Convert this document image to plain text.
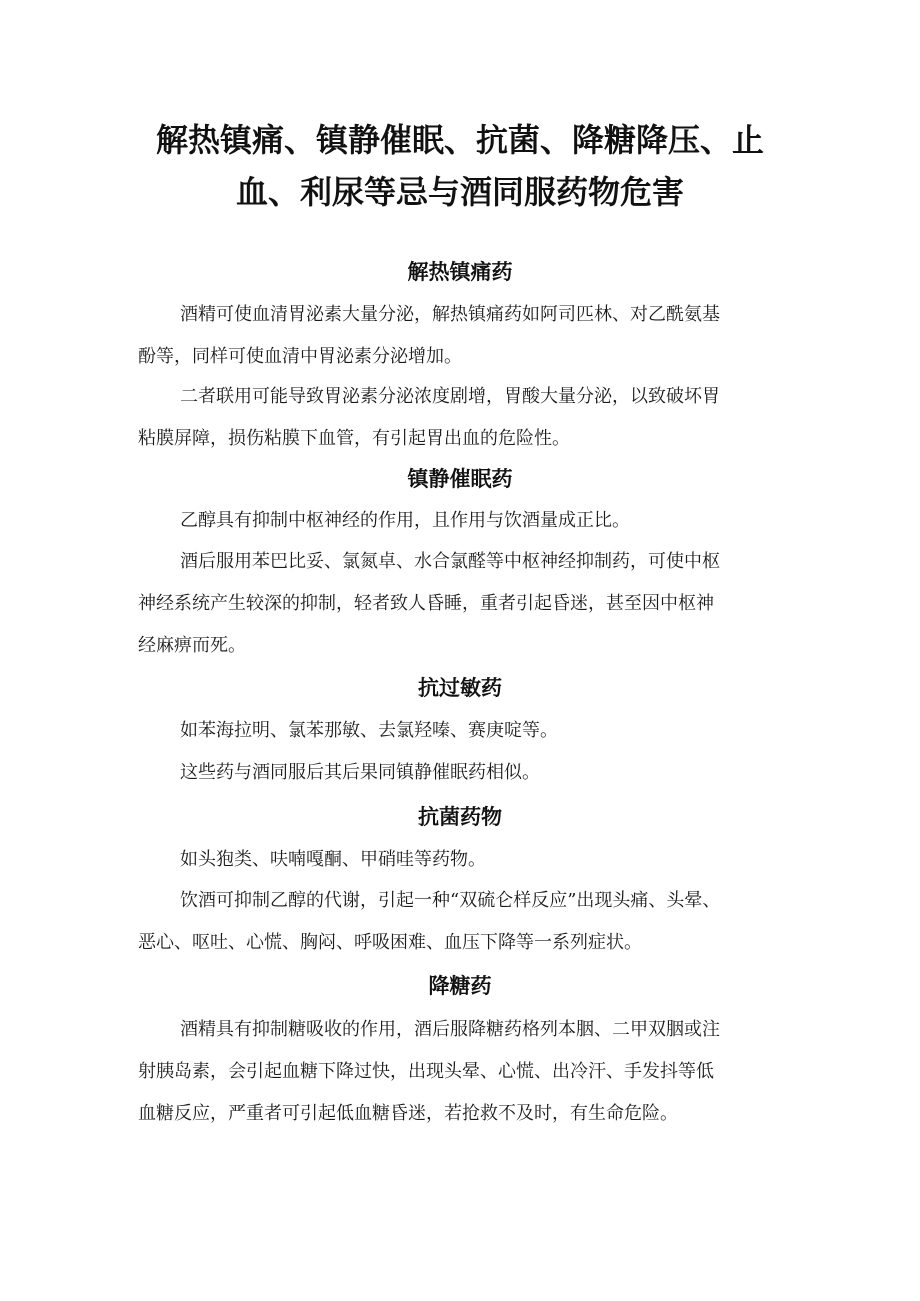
解热镇痛、镇静催眠、抗菌、降糖降压、止
血、利尿等忌与酒同服药物危害
解热镇痛药

酒精可使血清胃泌素大量分泌，解热镇痛药如阿司匹林、对乙酰氨基
酚等，同样可使血清中胃泌素分泌增加。

二者联用可能导致胃泌素分泌浓度剧增，胃酸大量分泌，以致破坏胃
粘膜屏障，损伤粘膜下血管，有引起胃出血的危险性。

镇静催眠药

乙醇具有抑制中枢神经的作用，且作用与饮酒量成正比。

酒后服用苯巴比妥、氯氮卓、水合氯醛等中枢神经抑制药，可使中枢
神经系统产生较深的抑制，轻者致人昏睡，重者引起昏迷，甚至因中枢神
经麻痹而死。

抗过敏药

如苯海拉明、氯苯那敏、去氯羟嗪、赛庚啶等。

这些药与酒同服后其后果同镇静催眠药相似。

抗菌药物

如头狍类、呋喃嘎酮、甲硝哇等药物。

饮酒可抑制乙醇的代谢，引起一种“双硫仑样反应”出现头痛、头晕、
恶心、呕吐、心慌、胸闷、呼吸困难、血压下降等一系列症状。

降糖药

酒精具有抑制糖吸收的作用，酒后服降糖药格列本胭、二甲双胭或注
射胰岛素，会引起血糖下降过快，出现头晕、心慌、出冷汗、手发抖等低
血糖反应，严重者可引起低血糖昏迷，若抢救不及时，有生命危险。
